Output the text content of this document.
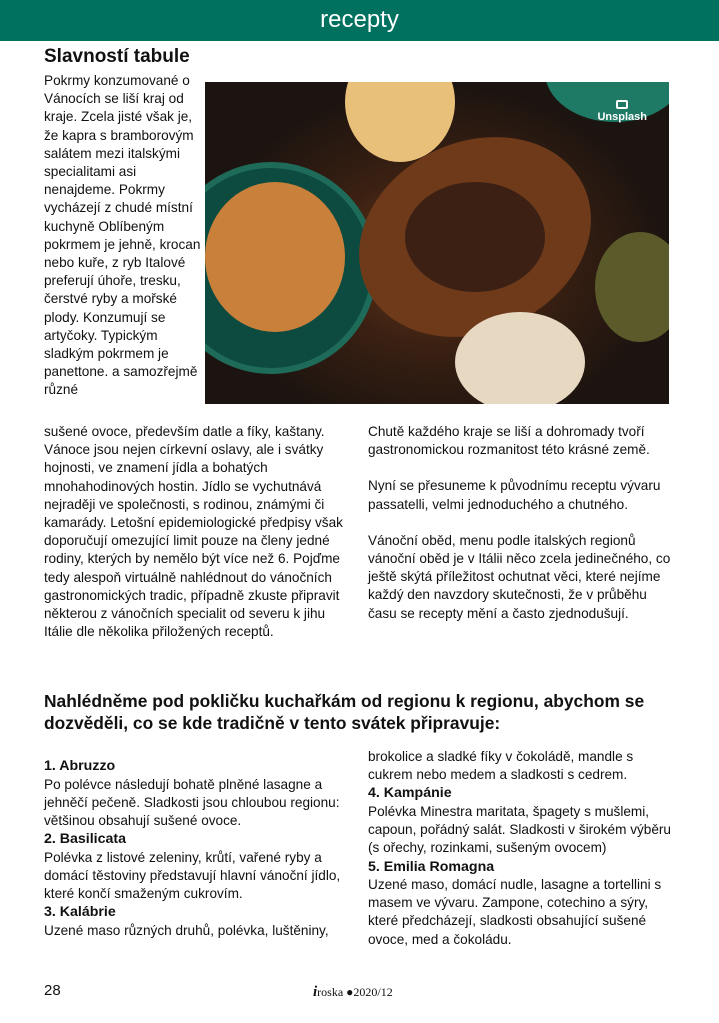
recepty
Slavností tabule

Pokrmy konzumované o Vánocích se liší kraj od kraje. Zcela jisté však je, že kapra s bramborovým salátem mezi italskými specialitami asi nenajdeme. Pokrmy vycházejí z chudé místní kuchyně Oblíbeným pokrmem je jehně, krocan nebo kuře, z ryb Italové preferují úhoře, tresku, čerstvé ryby a mořské plody. Konzumují se artyčoky. Typickým sladkým pokrmem je panettone. a samozřejmě různé

Unsplash

sušené ovoce, především datle a fíky, kaštany. Vánoce jsou nejen církevní oslavy, ale i svátky hojnosti, ve znamení jídla a bohatých mnohahodinových hostin. Jídlo se vychutnává nejraději ve společnosti, s rodinou, známými či kamarády. Letošní epidemiologické předpisy však doporučují omezující limit pouze na členy jedné rodiny, kterých by nemělo být více než 6. Pojďme tedy alespoň virtuálně nahlédnout do vánočních gastronomických tradic, případně zkuste připravit některou z vánočních specialit od severu k jihu Itálie dle několika přiložených receptů.

Chutě každého kraje se liší a dohromady tvoří gastronomickou rozmanitost této krásné země.

Nyní se přesuneme k původnímu receptu vývaru passatelli, velmi jednoduchého a chutného.

Vánoční oběd, menu podle italských regionů vánoční oběd je v Itálii něco zcela jedinečného, co ještě skýtá příležitost ochutnat věci, které nejíme každý den navzdory skutečnosti, že v průběhu času se recepty mění a často zjednodušují.

Nahlédněme pod pokličku kuchařkám od regionu k regionu, abychom se dozvěděli, co se kde tradičně v tento svátek připravuje:
1. Abruzzo

Po polévce následují bohatě plněné lasagne a jehněčí pečeně. Sladkosti jsou chloubou regionu: většinou obsahují sušené ovoce.

2. Basilicata

Polévka z listové zeleniny, krůtí, vařené ryby a domácí těstoviny představují hlavní vánoční jídlo, které končí smaženým cukrovím.

3. Kalábrie

Uzené maso různých druhů, polévka, luštěniny,

brokolice a sladké fíky v čokoládě, mandle s cukrem nebo medem a sladkosti s cedrem.

4. Kampánie

Polévka Minestra maritata, špagety s mušlemi, capoun, pořádný salát. Sladkosti v širokém výběru (s ořechy, rozinkami, sušeným ovocem)

5. Emilia Romagna

Uzené maso, domácí nudle, lasagne a tortellini s masem ve vývaru. Zampone, cotechino a sýry, které předcházejí, sladkosti obsahující sušené ovoce, med a čokoládu.

28	iroska ●2020/12
